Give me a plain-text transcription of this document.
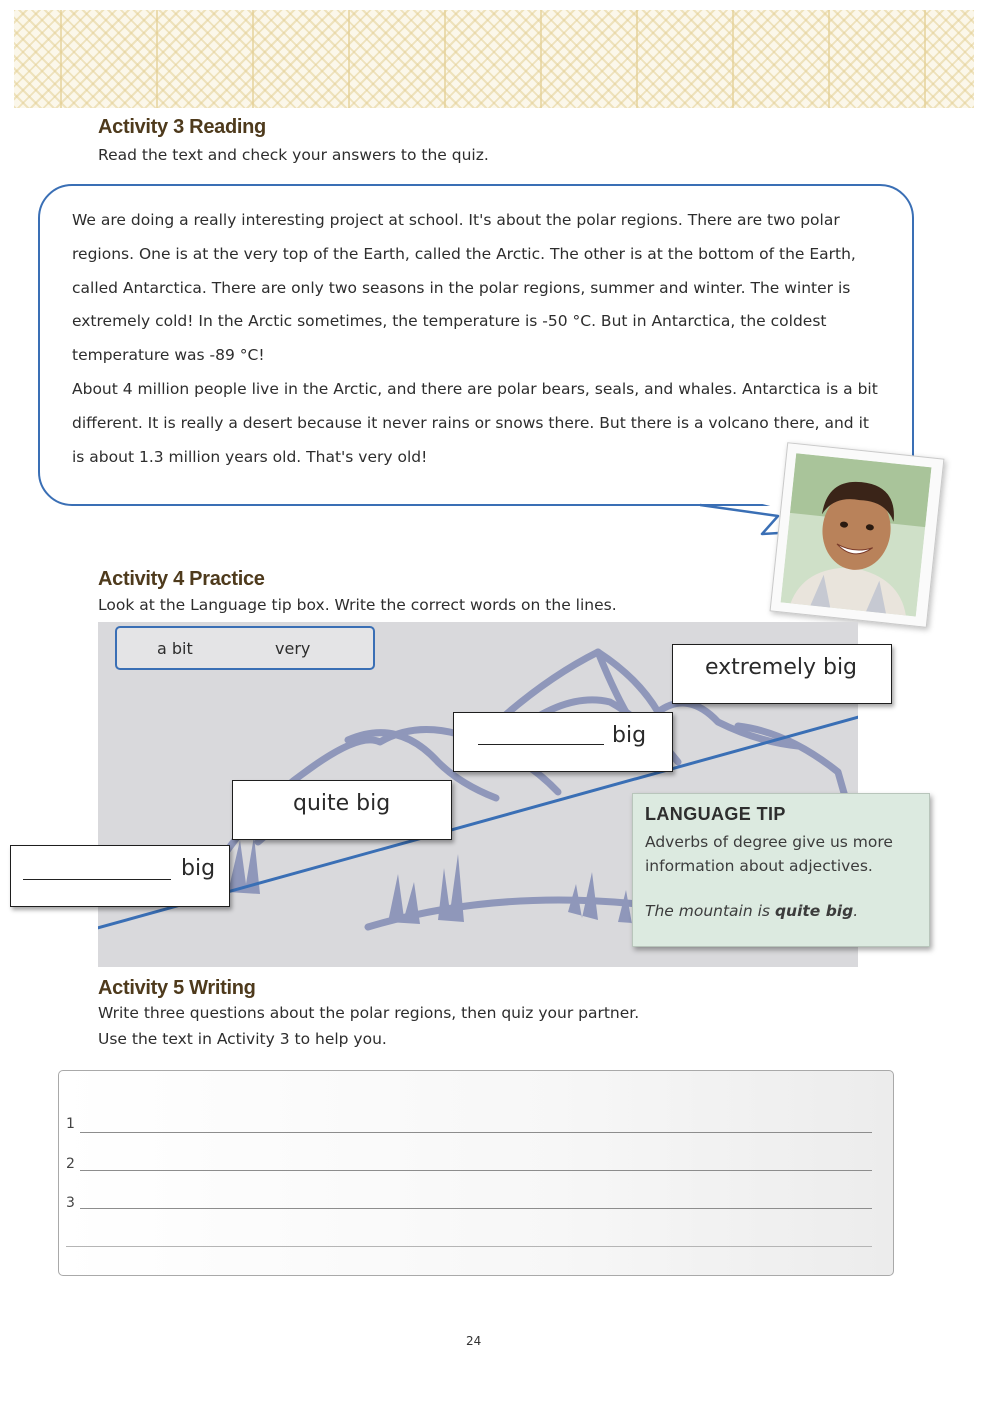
Activity 3 Reading
Read the text and check your answers to the quiz.

We are doing a really interesting project at school. It's about the polar regions. There are two polar regions. One is at the very top of the Earth, called the Arctic. The other is at the bottom of the Earth, called Antarctica. There are only two seasons in the polar regions, summer and winter. The winter is extremely cold! In the Arctic sometimes, the temperature is -50 °C. But in Antarctica, the coldest temperature was -89 °C!

About 4 million people live in the Arctic, and there are polar bears, seals, and whales. Antarctica is a bit different. It is really a desert because it never rains or snows there. But there is a volcano there, and it is about 1.3 million years old. That's very old!

Activity 4 Practice
Look at the Language tip box. Write the correct words on the lines.
a bit	very
big
quite big
big
extremely big
LANGUAGE TIP
Adverbs of degree give us more information about adjectives.
The mountain is quite big.
Activity 5 Writing
Write three questions about the polar regions, then quiz your partner.
Use the text in Activity 3 to help you.
1
2
3
24
